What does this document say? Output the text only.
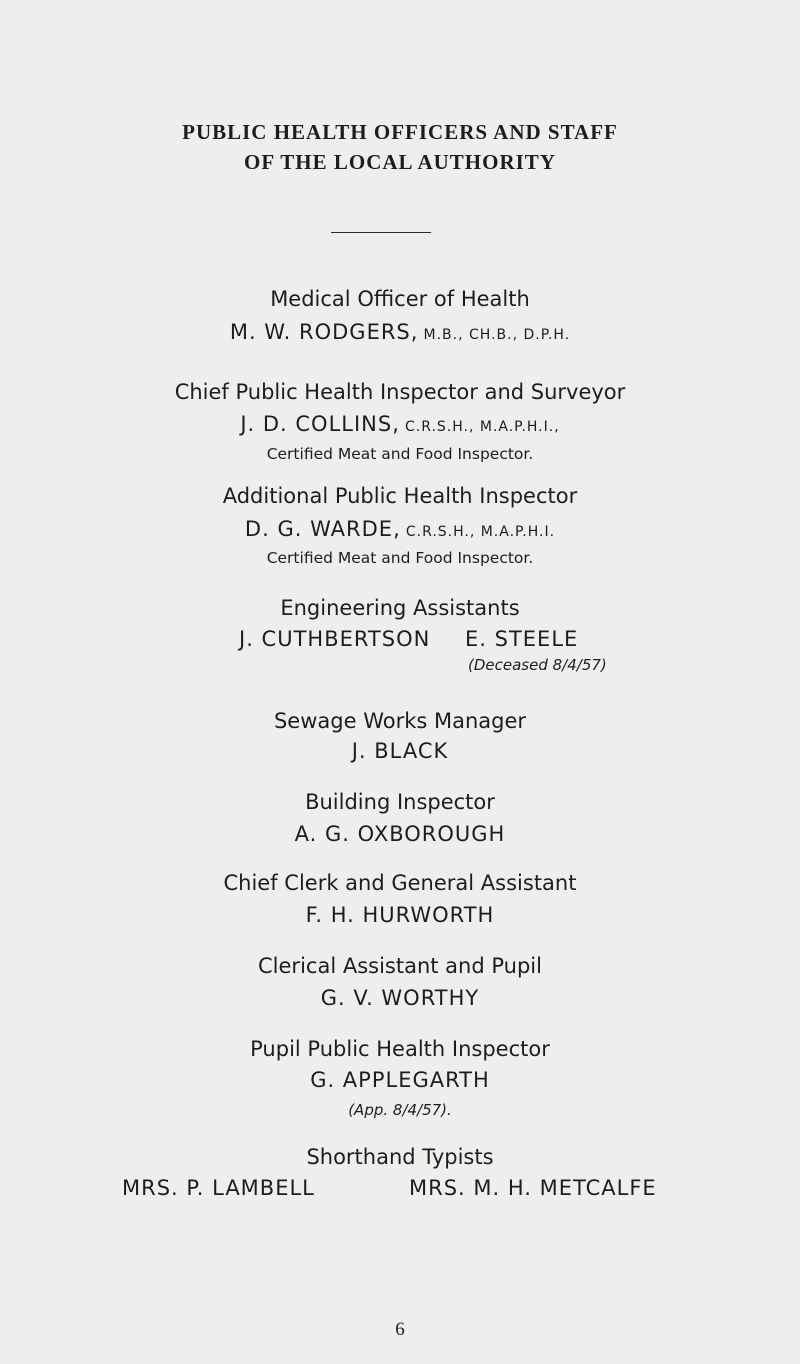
PUBLIC HEALTH OFFICERS AND STAFF
OF THE LOCAL AUTHORITY
Medical Officer of Health
M. W. RODGERS, M.B., CH.B., D.P.H.
Chief Public Health Inspector and Surveyor
J. D. COLLINS, C.R.S.H., M.A.P.H.I.,
Certified Meat and Food Inspector.
Additional Public Health Inspector
D. G. WARDE, C.R.S.H., M.A.P.H.I.
Certified Meat and Food Inspector.
Engineering Assistants
J. CUTHBERTSON E. STEELE
(Deceased 8/4/57)
Sewage Works Manager
J. BLACK
Building Inspector
A. G. OXBOROUGH
Chief Clerk and General Assistant
F. H. HURWORTH
Clerical Assistant and Pupil
G. V. WORTHY
Pupil Public Health Inspector
G. APPLEGARTH
(App. 8/4/57).
Shorthand Typists
MRS. P. LAMBELL	MRS. M. H. METCALFE
6
